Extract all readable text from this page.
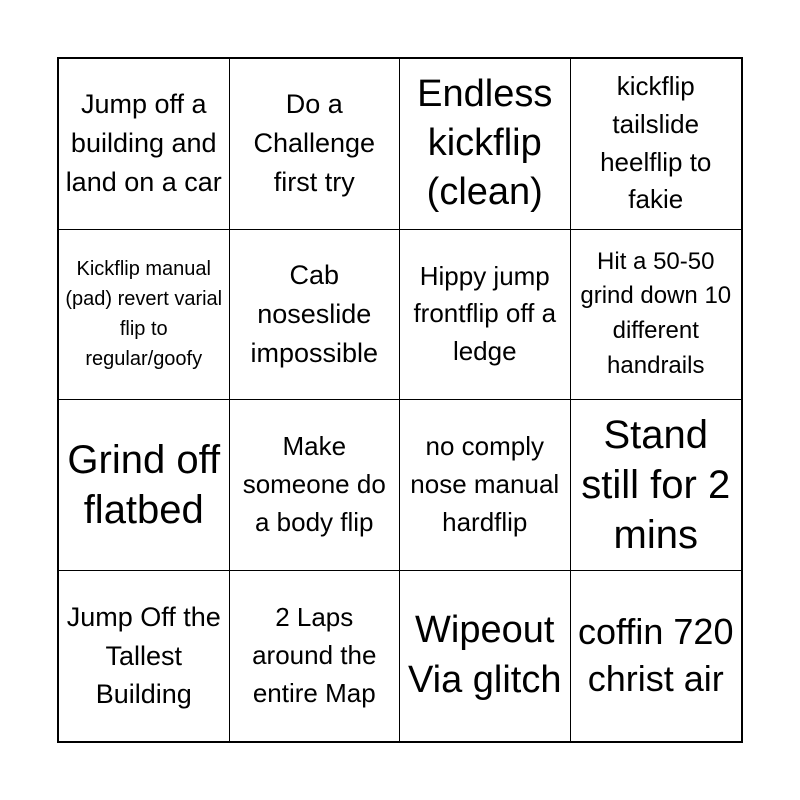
Jump off a building and land on a car
Do a Challenge first try
Endless kickflip (clean)
kickflip tailslide heelflip to fakie
Kickflip manual (pad) revert varial flip to regular/goofy
Cab noseslide impossible
Hippy jump frontflip off a ledge
Hit a 50-50 grind down 10 different handrails
Grind off flatbed
Make someone do a body flip
no comply nose manual hardflip
Stand still for 2 mins
Jump Off the Tallest Building
2 Laps around the entire Map
Wipeout Via glitch
coffin 720 christ air
